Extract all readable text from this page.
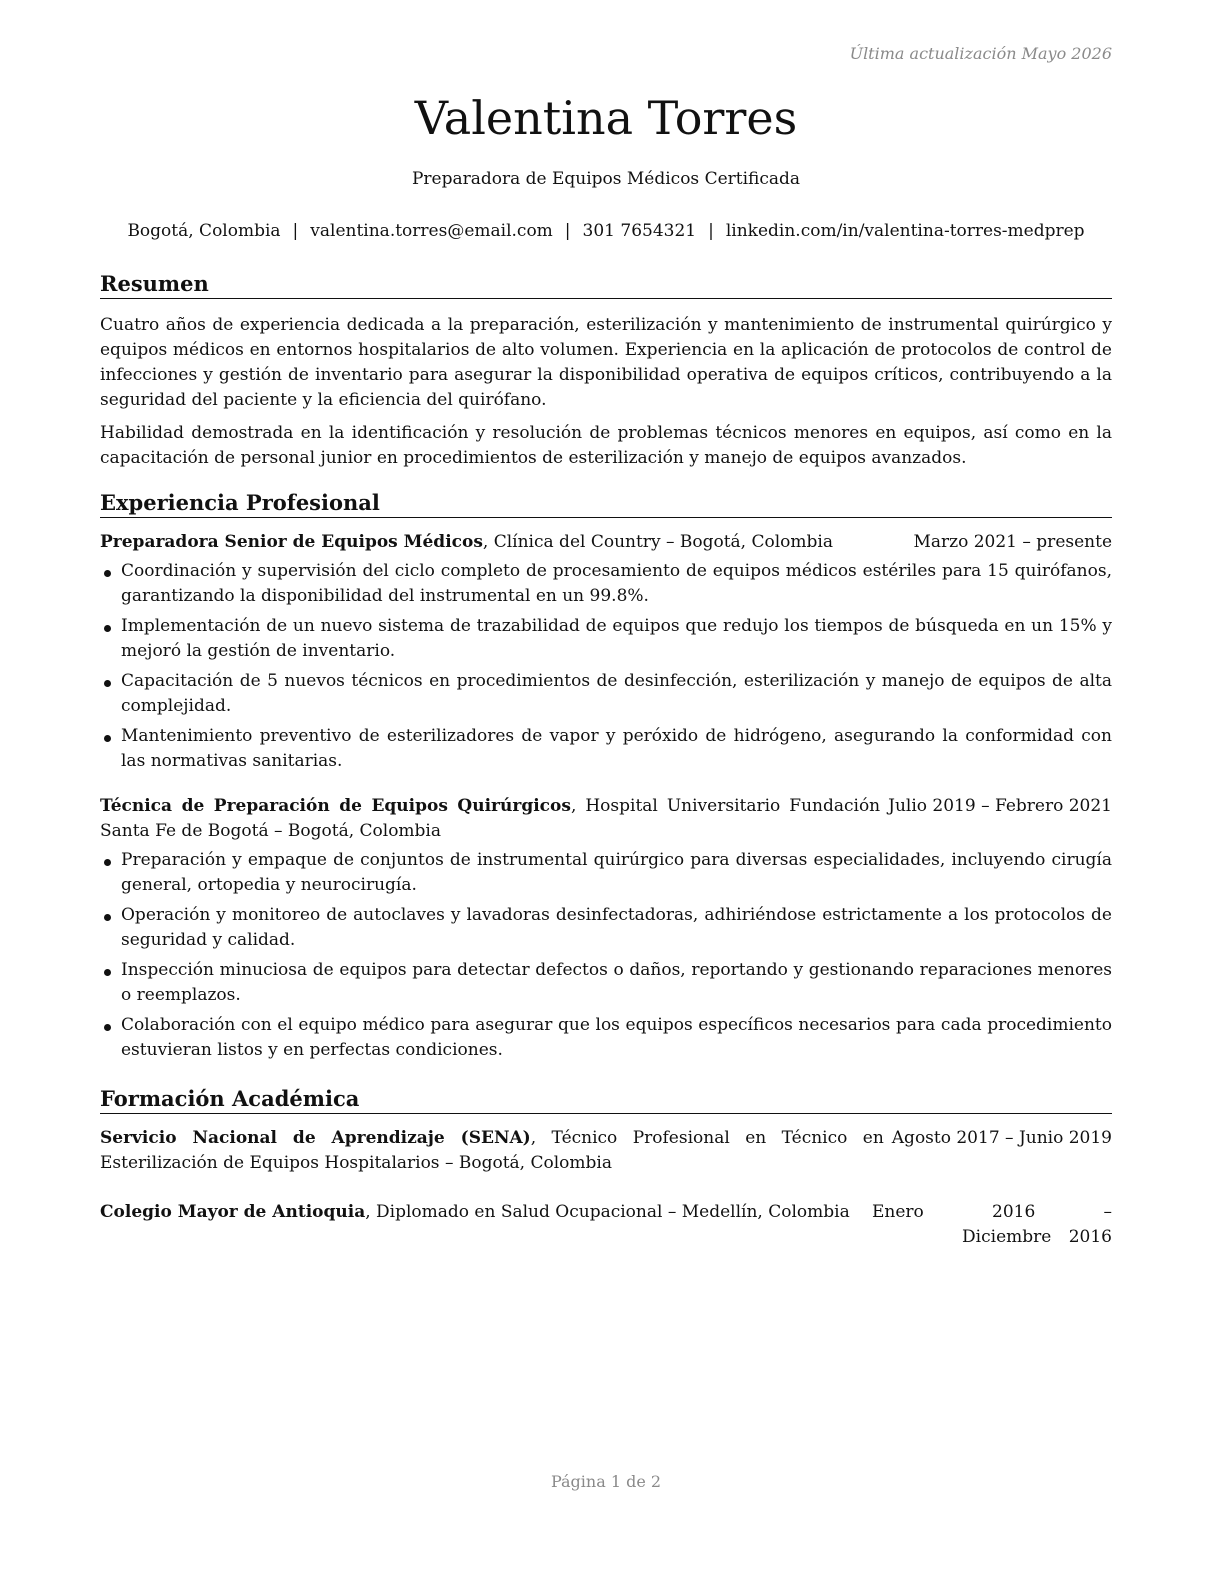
Última actualización Mayo 2026
Valentina Torres
Preparadora de Equipos Médicos Certificada
Bogotá, Colombia | valentina.torres@email.com | 301 7654321 | linkedin.com/in/valentina-torres-medprep
Resumen

Cuatro años de experiencia dedicada a la preparación, esterilización y mantenimiento de instrumental quirúrgico y equipos médicos en entornos hospitalarios de alto volumen. Experiencia en la aplicación de protocolos de control de infecciones y gestión de inventario para asegurar la disponibilidad operativa de equipos críticos, contribuyendo a la seguridad del paciente y la eficiencia del quirófano.

Habilidad demostrada en la identificación y resolución de problemas técnicos menores en equipos, así como en la capacitación de personal junior en procedimientos de esterilización y manejo de equipos avanzados.

Experiencia Profesional
Preparadora Senior de Equipos Médicos, Clínica del Country – Bogotá, Colombia	Marzo 2021 – presente
Coordinación y supervisión del ciclo completo de procesamiento de equipos médicos estériles para 15 quirófanos, garantizando la disponibilidad del instrumental en un 99.8%.
Implementación de un nuevo sistema de trazabilidad de equipos que redujo los tiempos de búsqueda en un 15% y mejoró la gestión de inventario.
Capacitación de 5 nuevos técnicos en procedimientos de desinfección, esterilización y manejo de equipos de alta complejidad.
Mantenimiento preventivo de esterilizadores de vapor y peróxido de hidrógeno, asegurando la conformidad con las normativas sanitarias.
Técnica de Preparación de Equipos Quirúrgicos, Hospital Universitario Fundación Santa Fe de Bogotá – Bogotá, Colombia
Julio 2019 – Febrero 2021
Preparación y empaque de conjuntos de instrumental quirúrgico para diversas especialidades, incluyendo cirugía general, ortopedia y neurocirugía.
Operación y monitoreo de autoclaves y lavadoras desinfectadoras, adhiriéndose estrictamente a los protocolos de seguridad y calidad.
Inspección minuciosa de equipos para detectar defectos o daños, reportando y gestionando reparaciones menores o reemplazos.
Colaboración con el equipo médico para asegurar que los equipos específicos necesarios para cada procedimiento estuvieran listos y en perfectas condiciones.
Formación Académica
Servicio Nacional de Aprendizaje (SENA), Técnico Profesional en Técnico en Esterilización de Equipos Hospitalarios – Bogotá, Colombia
Agosto 2017 – Junio 2019
Colegio Mayor de Antioquia, Diplomado en Salud Ocupacional – Medellín, Colombia	Enero 2016 – Diciembre 2016
Página 1 de 2
